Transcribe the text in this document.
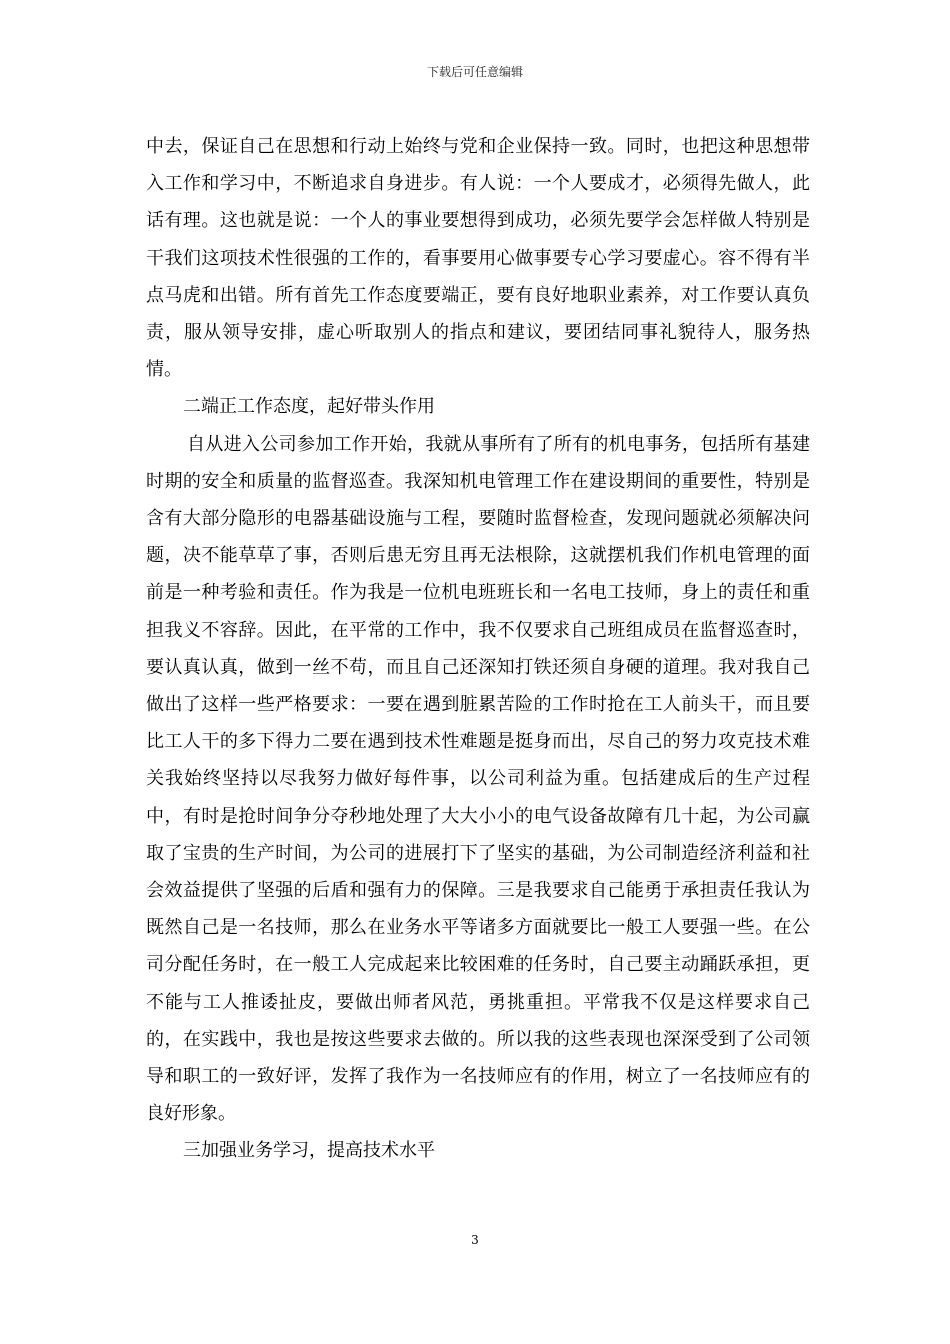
下载后可任意编辑

中去，保证自己在思想和行动上始终与党和企业保持一致。同时，也把这种思想带入工作和学习中，不断追求自身进步。有人说：一个人要成才，必须得先做人，此话有理。这也就是说：一个人的事业要想得到成功，必须先要学会怎样做人特别是干我们这项技术性很强的工作的，看事要用心做事要专心学习要虚心。容不得有半点马虎和出错。所有首先工作态度要端正，要有良好地职业素养，对工作要认真负责，服从领导安排，虚心听取别人的指点和建议，要团结同事礼貌待人，服务热情。

二端正工作态度，起好带头作用

自从进入公司参加工作开始，我就从事所有了所有的机电事务，包括所有基建时期的安全和质量的监督巡查。我深知机电管理工作在建设期间的重要性，特别是含有大部分隐形的电器基础设施与工程，要随时监督检查，发现问题就必须解决问题，决不能草草了事，否则后患无穷且再无法根除，这就摆机我们作机电管理的面前是一种考验和责任。作为我是一位机电班班长和一名电工技师，身上的责任和重担我义不容辞。因此，在平常的工作中，我不仅要求自己班组成员在监督巡查时，要认真认真，做到一丝不苟，而且自己还深知打铁还须自身硬的道理。我对我自己做出了这样一些严格要求：一要在遇到脏累苦险的工作时抢在工人前头干，而且要比工人干的多下得力二要在遇到技术性难题是挺身而出，尽自己的努力攻克技术难关我始终坚持以尽我努力做好每件事，以公司利益为重。包括建成后的生产过程中，有时是抢时间争分夺秒地处理了大大小小的电气设备故障有几十起，为公司赢取了宝贵的生产时间，为公司的进展打下了坚实的基础，为公司制造经济利益和社会效益提供了坚强的后盾和强有力的保障。三是我要求自己能勇于承担责任我认为既然自己是一名技师，那么在业务水平等诸多方面就要比一般工人要强一些。在公司分配任务时，在一般工人完成起来比较困难的任务时，自己要主动踊跃承担，更不能与工人推诿扯皮，要做出师者风范，勇挑重担。平常我不仅是这样要求自己的，在实践中，我也是按这些要求去做的。所以我的这些表现也深深受到了公司领导和职工的一致好评，发挥了我作为一名技师应有的作用，树立了一名技师应有的良好形象。

三加强业务学习，提高技术水平

3
